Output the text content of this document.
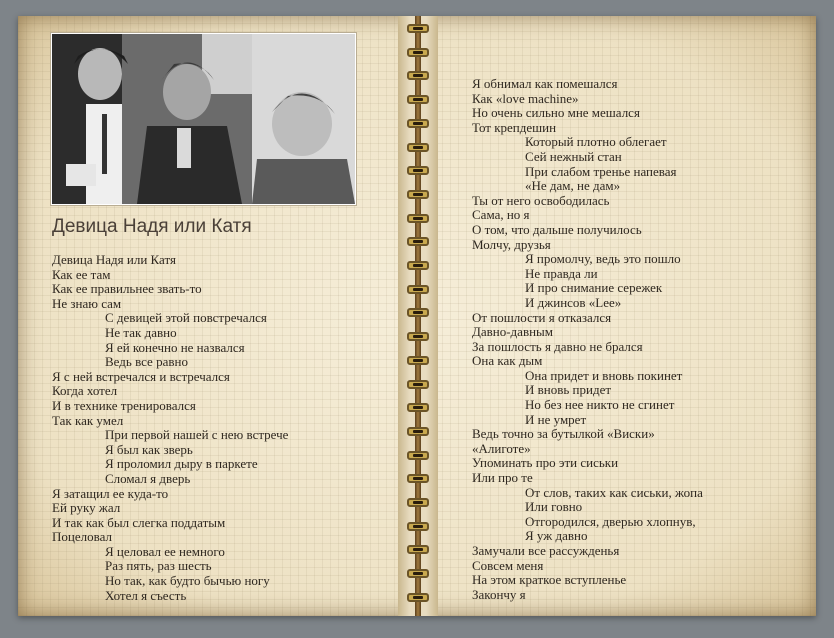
Девица Надя или Катя
Девица Надя или Катя
Как ее там
Как ее правильнее звать-то
Не знаю сам
С девицей этой повстречался
Не так давно
Я ей конечно не назвался
Ведь все равно
Я с ней встречался и встречался
Когда хотел
И в технике тренировался
Так как умел
При первой нашей с нею встрече
Я был как зверь
Я проломил дыру в паркете
Сломал я дверь
Я затащил ее куда-то
Ей руку жал
И так как был слегка поддатым
Поцеловал
Я целовал ее немного
Раз пять, раз шесть
Но так, как будто бычью ногу
Хотел я съесть
Я обнимал как помешался
Как «love machine»
Но очень сильно мне мешался
Тот крепдешин
Который плотно облегает
Сей нежный стан
При слабом тренье напевая
«Не дам, не дам»
Ты от него освободилась
Сама, но я
О том, что дальше получилось
Молчу, друзья
Я промолчу, ведь это пошло
Не правда ли
И про снимание сережек
И джинсов «Lee»
От пошлости я отказался
Давно-давным
За пошлость я давно не брался
Она как дым
Она придет и вновь покинет
И вновь придет
Но без нее никто не сгинет
И не умрет
Ведь точно за бутылкой «Виски»
«Алиготе»
Упоминать про эти сиськи
Или про те
От слов, таких как сиськи, жопа
Или говно
Отгородился, дверью хлопнув,
Я уж давно
Замучали все рассужденья
Совсем меня
На этом краткое вступленье
Закончу я
